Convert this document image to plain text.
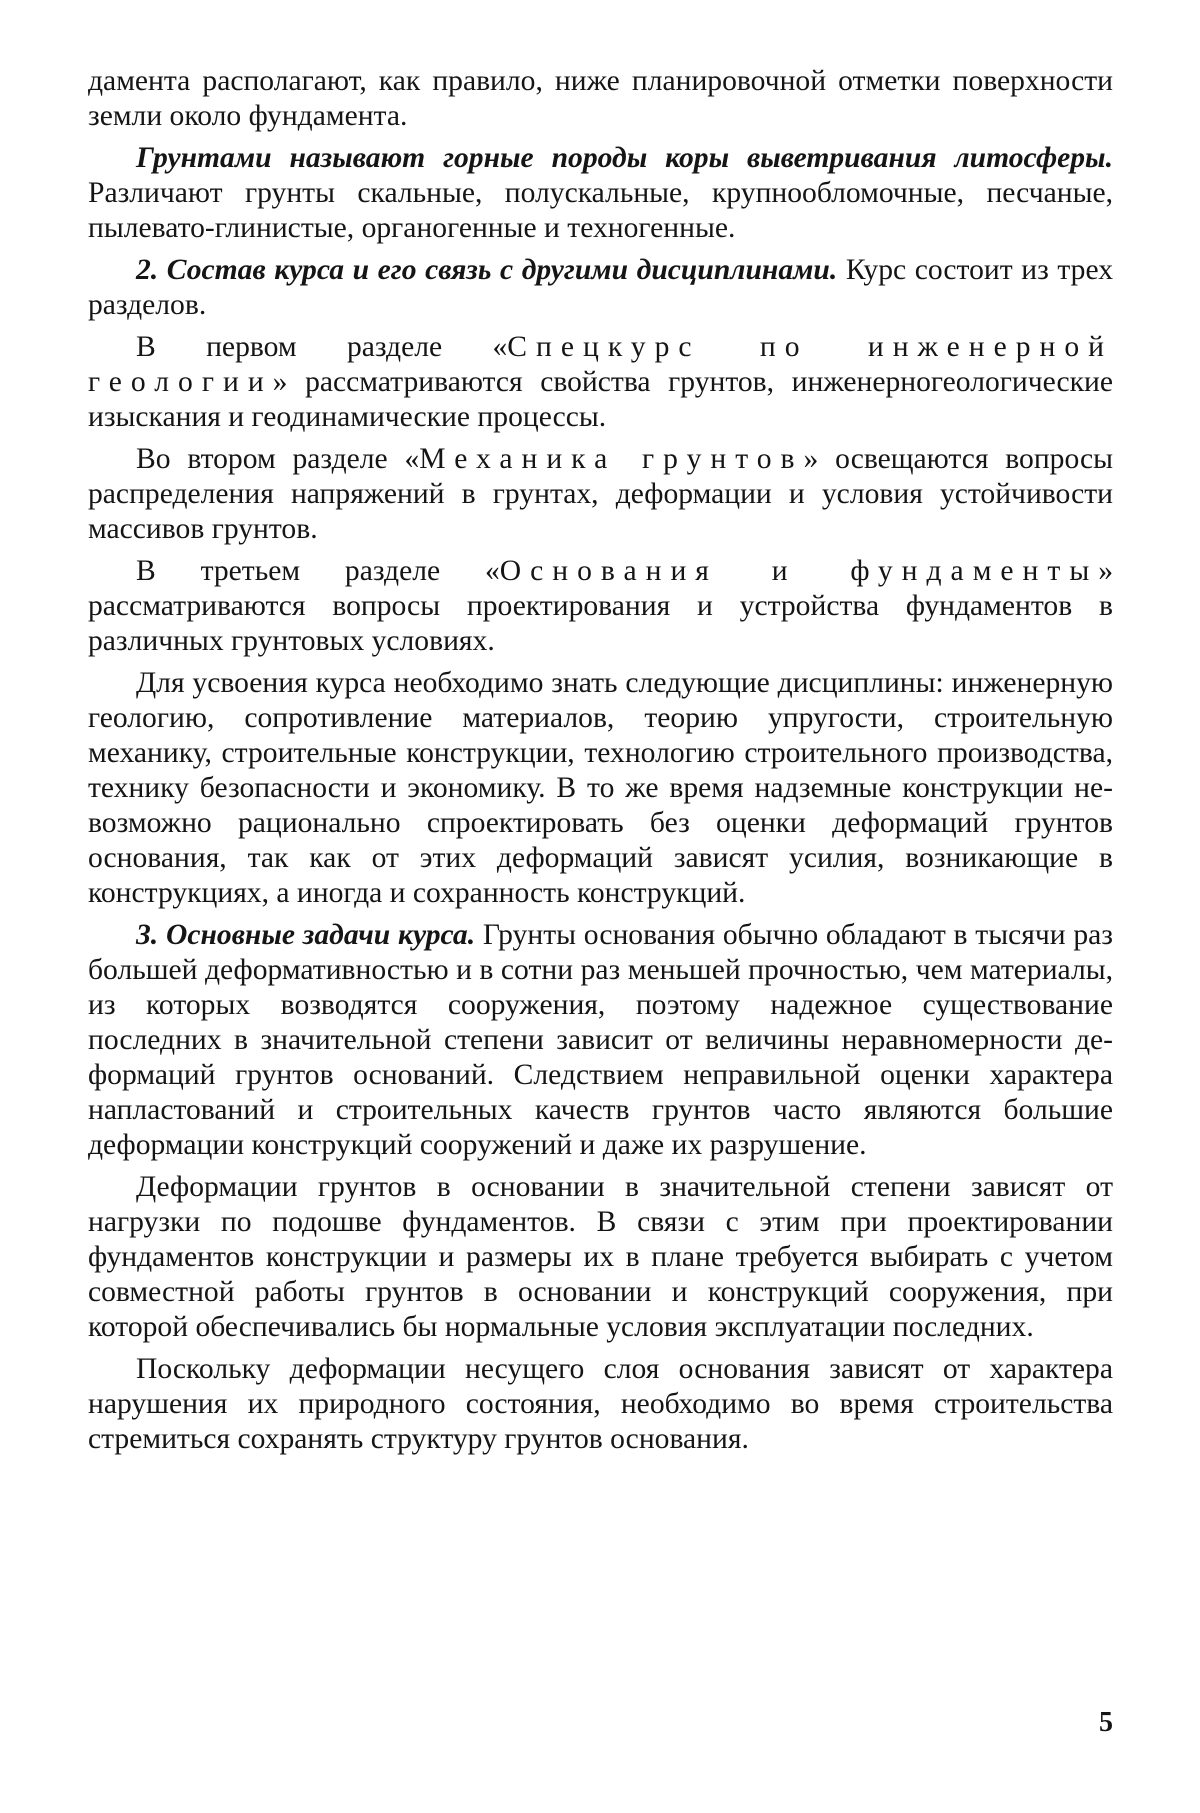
дамента располагают, как правило, ниже планировочной отметки поверхности земли около фундамента.

Грунтами называют горные породы коры выветривания литосферы. Различают грунты скальные, полускальные, крупнообломочные, песчаные, пылевато-глинистые, органогенные и техногенные.

2. Состав курса и его связь с другими дисциплинами. Курс состоит из трех разделов.

В первом разделе «Спецкурс по инженерной геологии» рассматриваются свойства грунтов, инженерногеологические изыскания и геодинамические процессы.

Во втором разделе «Механика грунтов» освещаются вопросы распределения напряжений в грунтах, деформации и условия устойчивости массивов грунтов.

В третьем разделе «Основания и фундаменты» рассматриваются вопросы проектирования и устройства фундаментов в различных грунтовых условиях.

Для усвоения курса необходимо знать следующие дисциплины: инженерную геологию, сопротивление материалов, теорию упругости, строительную механику, строительные конструкции, технологию строительного производства, технику безопасности и экономику. В то же время надземные конструкции невозможно рационально спроектировать без оценки деформаций грунтов основания, так как от этих деформаций зависят усилия, возникающие в конструкциях, а иногда и сохранность конструкций.

3. Основные задачи курса. Грунты основания обычно обладают в тысячи раз большей деформативностью и в сотни раз меньшей прочностью, чем материалы, из которых возводятся сооружения, поэтому надежное существование последних в значительной степени зависит от величины неравномерности деформаций грунтов оснований. Следствием неправильной оценки характера напластований и строительных качеств грунтов часто являются большие деформации конструкций сооружений и даже их разрушение.

Деформации грунтов в основании в значительной степени зависят от нагрузки по подошве фундаментов. В связи с этим при проектировании фундаментов конструкции и размеры их в плане требуется выбирать с учетом совместной работы грунтов в основании и конструкций сооружения, при которой обеспечивались бы нормальные условия эксплуатации последних.

Поскольку деформации несущего слоя основания зависят от характера нарушения их природного состояния, необходимо во время строительства стремиться сохранять структуру грунтов основания.

5
